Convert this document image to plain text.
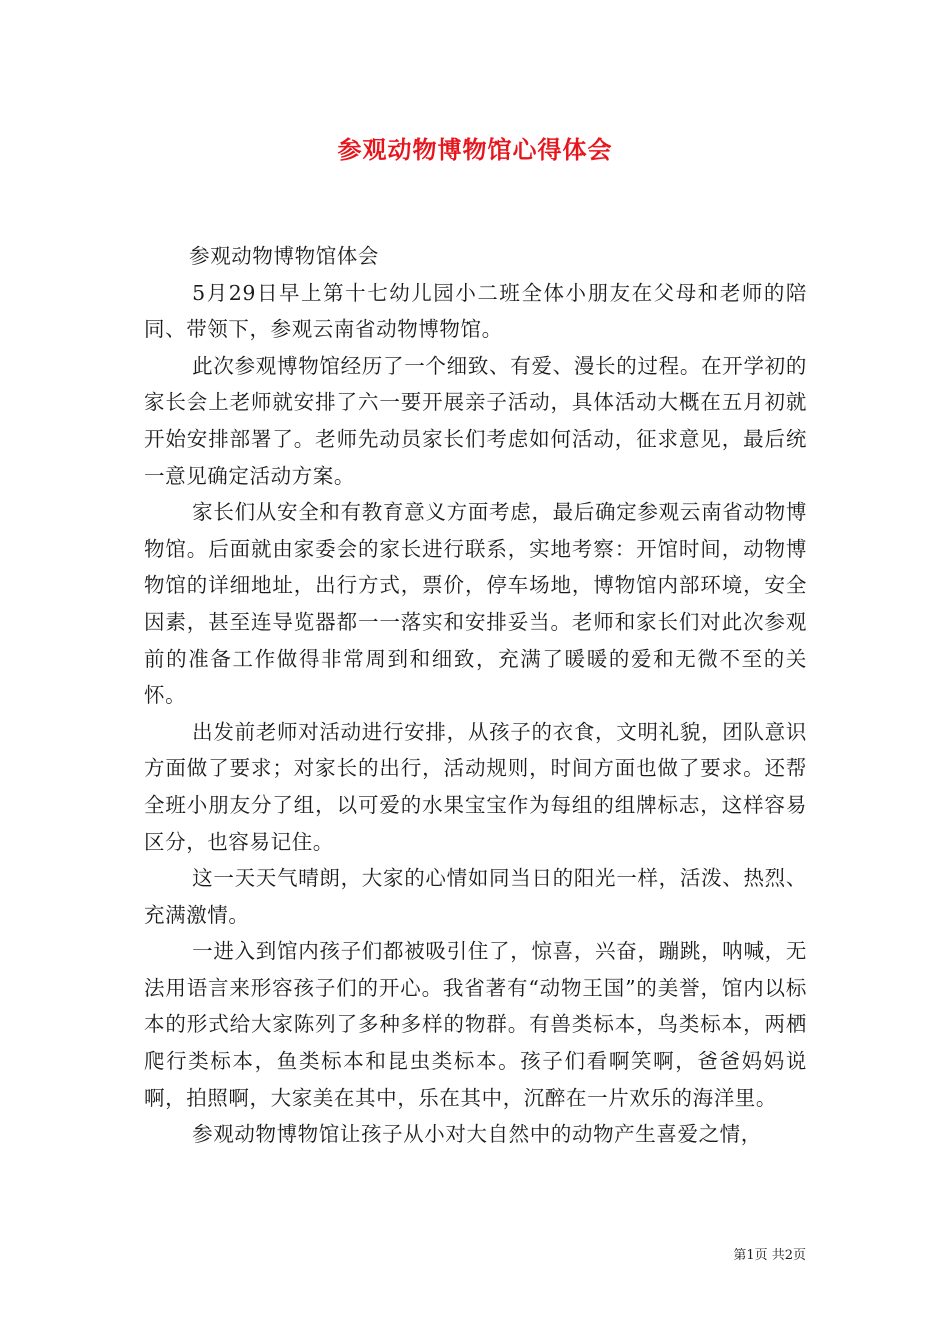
参观动物博物馆心得体会

参观动物博物馆体会

5月29日早上第十七幼儿园小二班全体小朋友在父母和老师的陪同、带领下，参观云南省动物博物馆。

此次参观博物馆经历了一个细致、有爱、漫长的过程。在开学初的家长会上老师就安排了六一要开展亲子活动，具体活动大概在五月初就开始安排部署了。老师先动员家长们考虑如何活动，征求意见，最后统一意见确定活动方案。

家长们从安全和有教育意义方面考虑，最后确定参观云南省动物博物馆。后面就由家委会的家长进行联系，实地考察：开馆时间，动物博物馆的详细地址，出行方式，票价，停车场地，博物馆内部环境，安全因素，甚至连导览器都一一落实和安排妥当。老师和家长们对此次参观前的准备工作做得非常周到和细致，充满了暖暖的爱和无微不至的关怀。

出发前老师对活动进行安排，从孩子的衣食，文明礼貌，团队意识方面做了要求；对家长的出行，活动规则，时间方面也做了要求。还帮全班小朋友分了组，以可爱的水果宝宝作为每组的组牌标志，这样容易区分，也容易记住。

这一天天气晴朗，大家的心情如同当日的阳光一样，活泼、热烈、充满激情。

一进入到馆内孩子们都被吸引住了，惊喜，兴奋，蹦跳，呐喊，无法用语言来形容孩子们的开心。我省著有“动物王国”的美誉，馆内以标本的形式给大家陈列了多种多样的物群。有兽类标本，鸟类标本，两栖爬行类标本，鱼类标本和昆虫类标本。孩子们看啊笑啊，爸爸妈妈说啊，拍照啊，大家美在其中，乐在其中，沉醉在一片欢乐的海洋里。

参观动物博物馆让孩子从小对大自然中的动物产生喜爱之情，

第1页 共2页
